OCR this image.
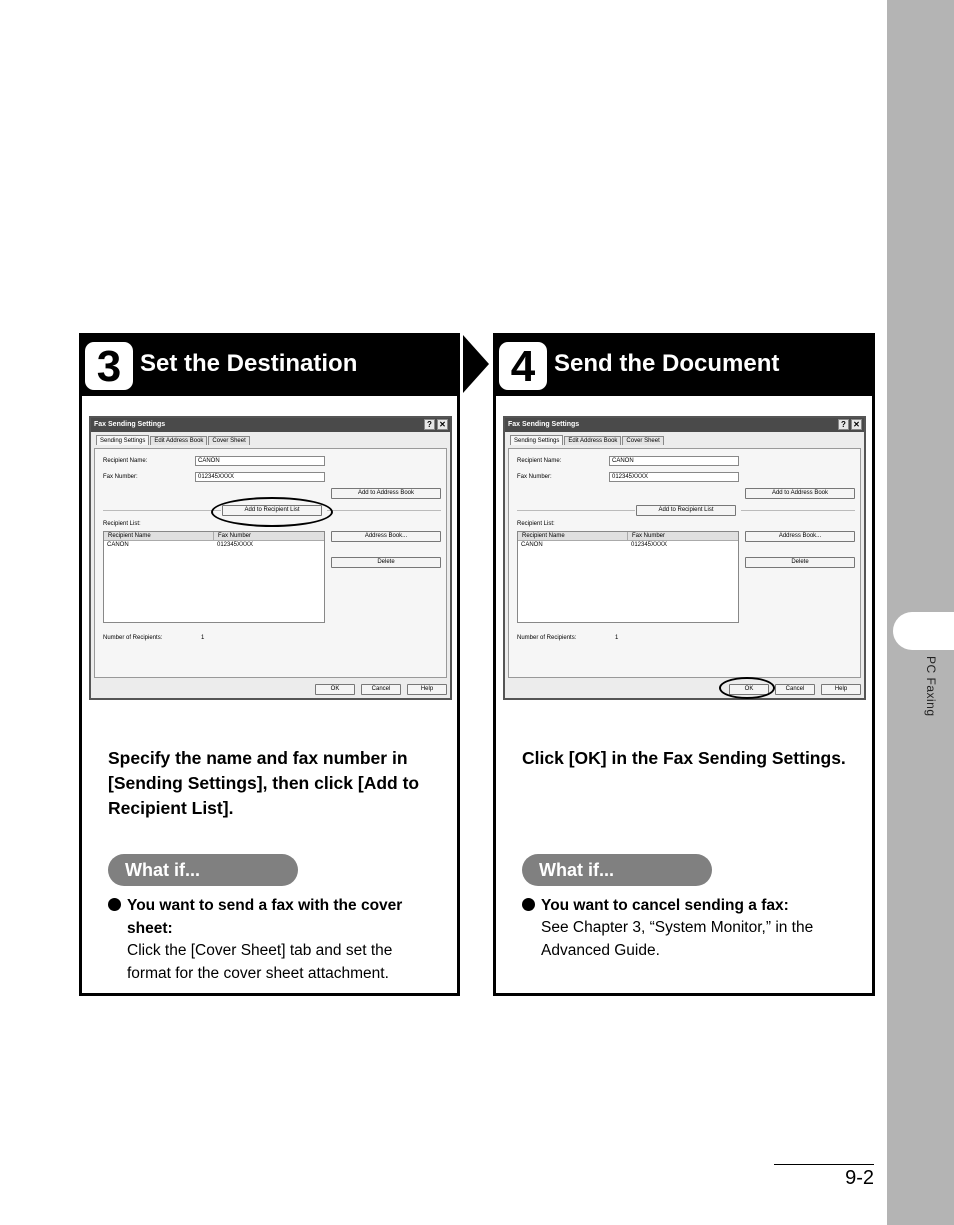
PC Faxing
3 Set the Destination
Fax Sending Settings	? ✕
Sending Settings	Edit Address Book	Cover Sheet
Recipient Name:	CANON
Fax Number:	012345XXXX
Add to Address Book
Add to Recipient List
Recipient List:
Recipient Name	Fax Number
CANON	012345XXXX
Address Book...
Delete
Number of Recipients:	1
OK	Cancel	Help
Specify the name and fax number in [Sending Settings], then click [Add to Recipient List].
What if...
You want to send a fax with the cover sheet:
Click the [Cover Sheet] tab and set the format for the cover sheet attachment.
4 Send the Document
Fax Sending Settings	? ✕
Sending Settings	Edit Address Book	Cover Sheet
Recipient Name:	CANON
Fax Number:	012345XXXX
Add to Address Book
Add to Recipient List
Recipient List:
Recipient Name	Fax Number
CANON	012345XXXX
Address Book...
Delete
Number of Recipients:	1
OK	Cancel	Help
Click [OK] in the Fax Sending Settings.
What if...
You want to cancel sending a fax:
See Chapter 3, “System Monitor,” in the Advanced Guide.
9-2
